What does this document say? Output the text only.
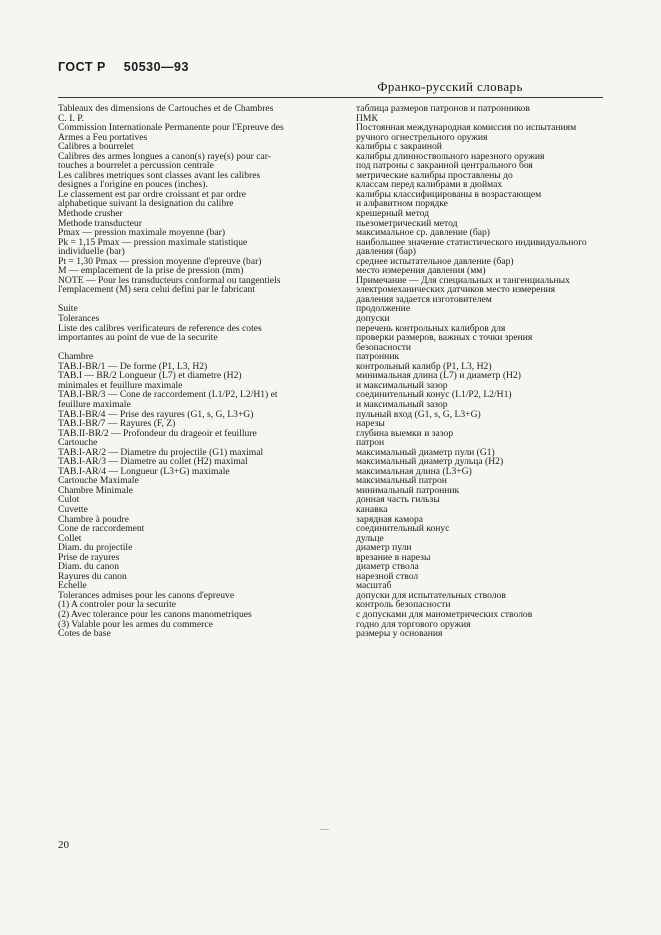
ГОСТ Р 50530—93
Франко-русский словарь
Tableaux des dimensions de Cartouches et de Chambres
C. I. P.
Commission Internationale Permanente pour l'Epreuve des
Armes a Feu portatives
Calibres a bourrelet
Calibres des armes longues a canon(s) raye(s) pour car-
touches a bourrelet a percussion centrale
Les calibres metriques sont classes avant les calibres
designes a l'origine en pouces (inches).
Le classement est par ordre croissant et par ordre
alphabetique suivant la designation du calibre
Methode crusher
Methode transducteur
Pmax — pression maximale moyenne (bar)
Pk = 1,15 Pmax — pression maximale statistique
individuelle (bar)
Pt = 1,30 Pmax — pression moyenne d'epreuve (bar)
M — emplacement de la prise de pression (mm)
NOTE — Pour les transducteurs conformal ou tangentiels
l'emplacement (M) sera celui defini par le fabricant
Suite
Tolerances
Liste des calibres verificateurs de reference des cotes
importantes au point de vue de la securite
Chambre
TAB.I-BR/1 — De forme (P1, L3, H2)
TAB.I — BR/2 Longueur (L7) et diametre (H2)
minimales et feuillure maximale
TAB.I-BR/3 — Cone de raccordement (L1/P2, L2/H1) et
feuillure maximale
TAB.I-BR/4 — Prise des rayures (G1, s, G, L3+G)
TAB.I-BR/7 — Rayures (F, Z)
TAB.II-BR/2 — Profondeur du drageoir et feuillure
Cartouche
TAB.I-AR/2 — Diametre du projectile (G1) maximal
TAB.I-AR/3 — Diametre au collet (H2) maximal
TAB.I-AR/4 — Longueur (L3+G) maximale
Cartouche Maximale
Chambre Minimale
Culot
Cuvette
Chambre à poudre
Cone de raccordement
Collet
Diam. du projectile
Prise de rayures
Diam. du canon
Rayures du canon
Echelle
Tolerances admises pour les canons d'epreuve
(1) A controler pour la securite
(2) Avec tolerance pour les canons manometriques
(3) Valable pour les armes du commerce
Cotes de base
таблица размеров патронов и патронников
ПМК
Постоянная международная комиссия по испытаниям
ручного огнестрельного оружия
калибры с закраиной
калибры длинноствольного нарезного оружия
под патроны с закраиной центрального боя
метрические калибры проставлены до
классам перед калибрами в дюймах
калибры классифицированы в возрастающем
и алфавитном порядке
крешерный метод
пьезометрический метод
максимальное ср. давление (бар)
наибольшее значение статистического индивидуального
давления (бар)
среднее испытательное давление (бар)
место измерения давления (мм)
Примечание — Для специальных и тангенциальных
электромеханических датчиков место измерения
давления задается изготовителем
продолжение
допуски
перечень контрольных калибров для
проверки размеров, важных с точки зрения
безопасности
патронник
контрольный калибр (P1, L3, H2)
минимальная длина (L7) и диаметр (H2)
и максимальный зазор
соединительный конус (L1/P2, L2/H1)
и максимальный зазор
пульный вход (G1, s, G, L3+G)
нарезы
глубина выемки и зазор
патрон
максимальный диаметр пули (G1)
максимальный диаметр дульца (H2)
максимальная длина (L3+G)
максимальный патрон
минимальный патронник
донная часть гильзы
канавка
зарядная камора
соединительный конус
дульце
диаметр пули
врезание в нарезы
диаметр ствола
нарезной ствол
масштаб
допуски для испытательных стволов
контроль безопасности
с допусками для манометрических стволов
годно для торгового оружия
размеры у основания
—
20
